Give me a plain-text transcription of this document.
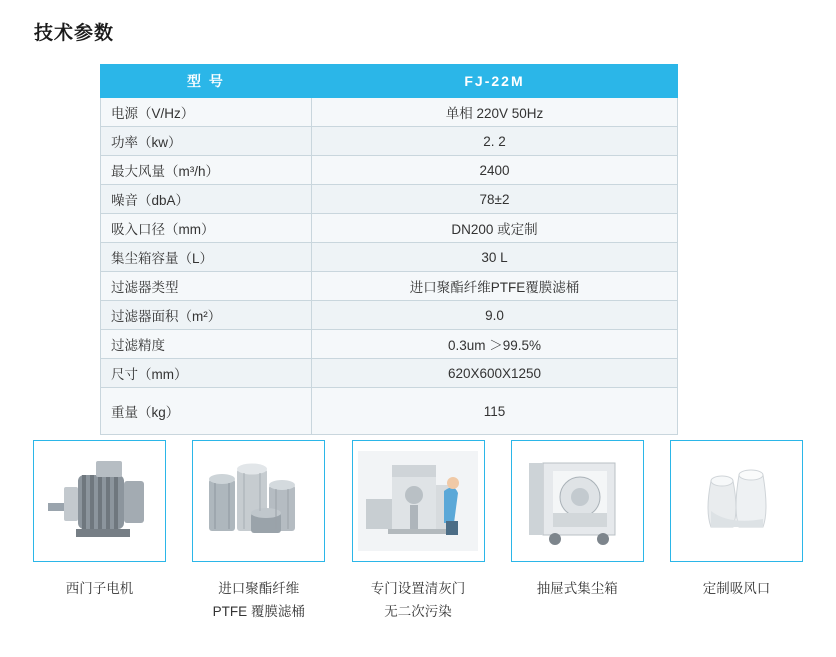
技术参数
型 号	FJ-22M
电源（V/Hz）	单相 220V 50Hz
功率（kw）	2. 2
最大风量（m³/h）	2400
噪音（dbA）	78±2
吸入口径（mm）	DN200 或定制
集尘箱容量（L）	30 L
过滤器类型	进口聚酯纤维PTFE覆膜滤桶
过滤器面积（m²）	9.0
过滤精度	0.3um ＞99.5%
尺寸（mm）	620X600X1250
重量（kg）	115
西门子电机	进口聚酯纤维
PTFE 覆膜滤桶
专门设置清灰门
无二次污染
抽屉式集尘箱	定制吸风口
